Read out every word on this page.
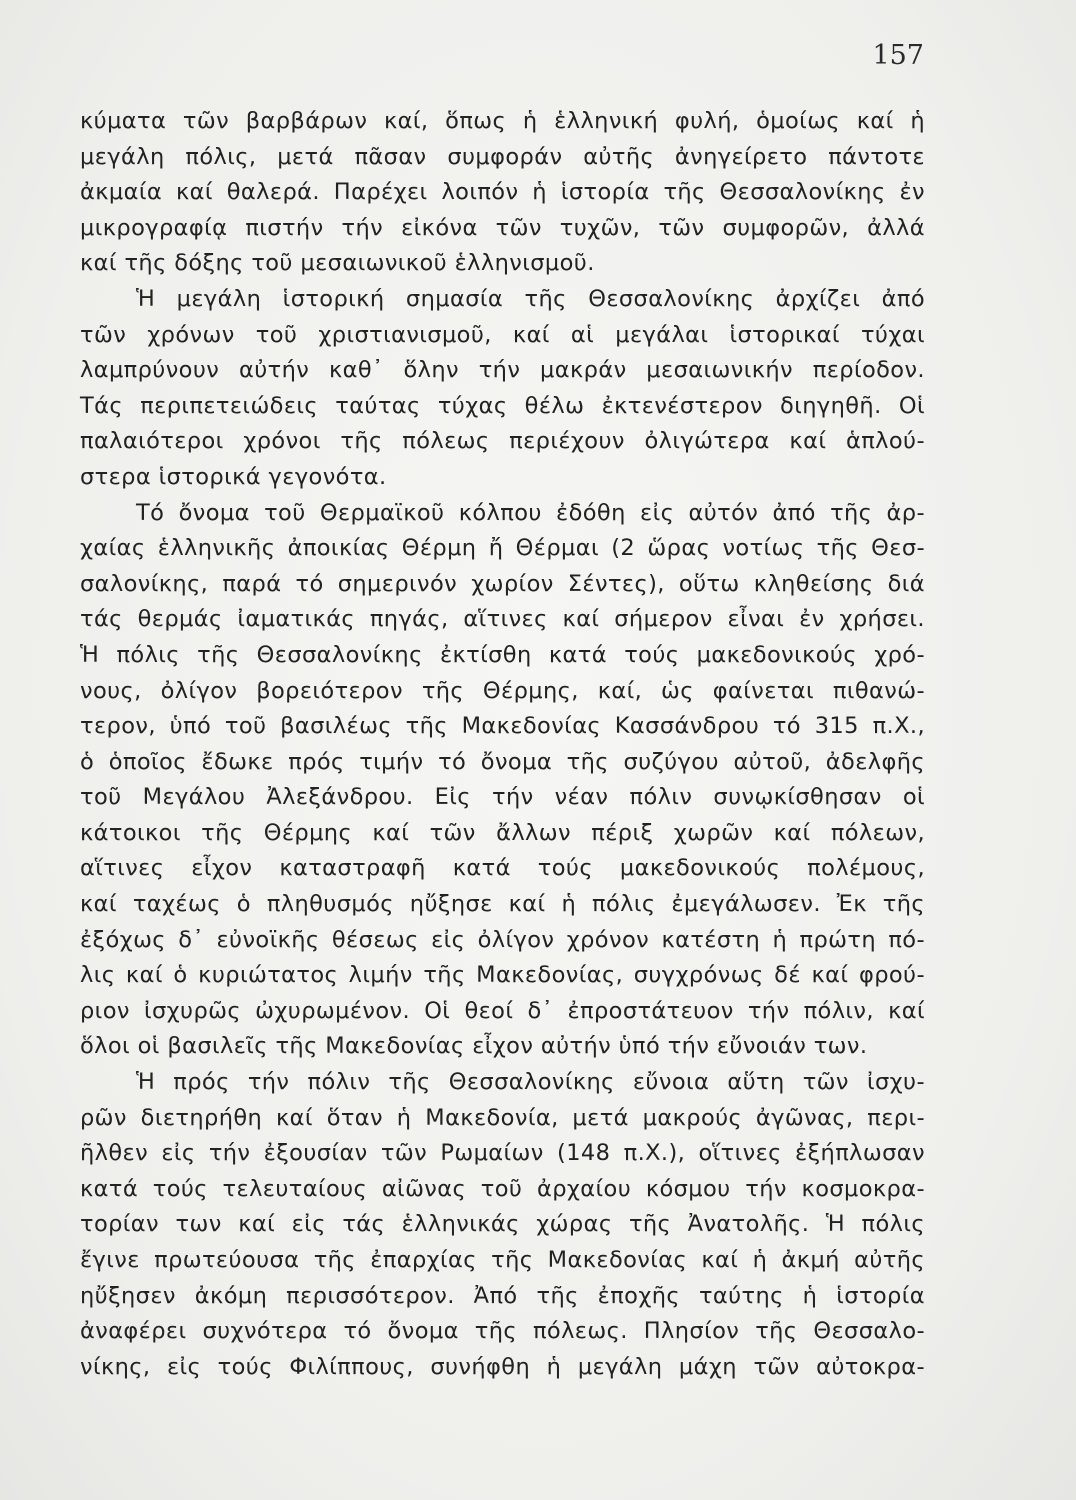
157
κύματα τῶν βαρβάρων καί, ὅπως ἡ ἑλληνική φυλή, ὁμοίως καί ἡ
μεγάλη πόλις, μετά πᾶσαν συμφοράν αὐτῆς ἀνηγείρετο πάντοτε
ἀκμαία καί θαλερά. Παρέχει λοιπόν ἡ ἱστορία τῆς Θεσσαλονίκης ἐν
μικρογραφίᾳ πιστήν τήν εἰκόνα τῶν τυχῶν, τῶν συμφορῶν, ἀλλά
καί τῆς δόξης τοῦ μεσαιωνικοῦ ἑλληνισμοῦ.
Ἡ μεγάλη ἱστορική σημασία τῆς Θεσσαλονίκης ἀρχίζει ἀπό
τῶν χρόνων τοῦ χριστιανισμοῦ, καί αἱ μεγάλαι ἱστορικαί τύχαι
λαμπρύνουν αὐτήν καθ᾽ ὅλην τήν μακράν μεσαιωνικήν περίοδον.
Τάς περιπετειώδεις ταύτας τύχας θέλω ἐκτενέστερον διηγηθῆ. Οἱ
παλαιότεροι χρόνοι τῆς πόλεως περιέχουν ὀλιγώτερα καί ἁπλού-
στερα ἱστορικά γεγονότα.
Τό ὄνομα τοῦ Θερμαϊκοῦ κόλπου ἐδόθη εἰς αὐτόν ἀπό τῆς ἀρ-
χαίας ἑλληνικῆς ἀποικίας Θέρμη ἤ Θέρμαι (2 ὥρας νοτίως τῆς Θεσ-
σαλονίκης, παρά τό σημερινόν χωρίον Σέντες), οὕτω κληθείσης διά
τάς θερμάς ἰαματικάς πηγάς, αἵτινες καί σήμερον εἶναι ἐν χρήσει.
Ἡ πόλις τῆς Θεσσαλονίκης ἐκτίσθη κατά τούς μακεδονικούς χρό-
νους, ὀλίγον βορειότερον τῆς Θέρμης, καί, ὡς φαίνεται πιθανώ-
τερον, ὑπό τοῦ βασιλέως τῆς Μακεδονίας Κασσάνδρου τό 315 π.Χ.,
ὁ ὁποῖος ἔδωκε πρός τιμήν τό ὄνομα τῆς συζύγου αὐτοῦ, ἀδελφῆς
τοῦ Μεγάλου Ἀλεξάνδρου. Εἰς τήν νέαν πόλιν συνῳκίσθησαν οἱ
κάτοικοι τῆς Θέρμης καί τῶν ἄλλων πέριξ χωρῶν καί πόλεων,
αἵτινες εἶχον καταστραφῆ κατά τούς μακεδονικούς πολέμους,
καί ταχέως ὁ πληθυσμός ηὔξησε καί ἡ πόλις ἐμεγάλωσεν. Ἐκ τῆς
ἐξόχως δ᾽ εὐνοϊκῆς θέσεως εἰς ὀλίγον χρόνον κατέστη ἡ πρώτη πό-
λις καί ὁ κυριώτατος λιμήν τῆς Μακεδονίας, συγχρόνως δέ καί φρού-
ριον ἰσχυρῶς ὠχυρωμένον. Οἱ θεοί δ᾽ ἐπροστάτευον τήν πόλιν, καί
ὅλοι οἱ βασιλεῖς τῆς Μακεδονίας εἶχον αὐτήν ὑπό τήν εὔνοιάν των.
Ἡ πρός τήν πόλιν τῆς Θεσσαλονίκης εὔνοια αὕτη τῶν ἰσχυ-
ρῶν διετηρήθη καί ὅταν ἡ Μακεδονία, μετά μακρούς ἀγῶνας, περι-
ῆλθεν εἰς τήν ἐξουσίαν τῶν Ρωμαίων (148 π.Χ.), οἵτινες ἐξήπλωσαν
κατά τούς τελευταίους αἰῶνας τοῦ ἀρχαίου κόσμου τήν κοσμοκρα-
τορίαν των καί εἰς τάς ἑλληνικάς χώρας τῆς Ἀνατολῆς. Ἡ πόλις
ἔγινε πρωτεύουσα τῆς ἐπαρχίας τῆς Μακεδονίας καί ἡ ἀκμή αὐτῆς
ηὔξησεν ἀκόμη περισσότερον. Ἀπό τῆς ἐποχῆς ταύτης ἡ ἱστορία
ἀναφέρει συχνότερα τό ὄνομα τῆς πόλεως. Πλησίον τῆς Θεσσαλο-
νίκης, εἰς τούς Φιλίππους, συνήφθη ἡ μεγάλη μάχη τῶν αὐτοκρα-
